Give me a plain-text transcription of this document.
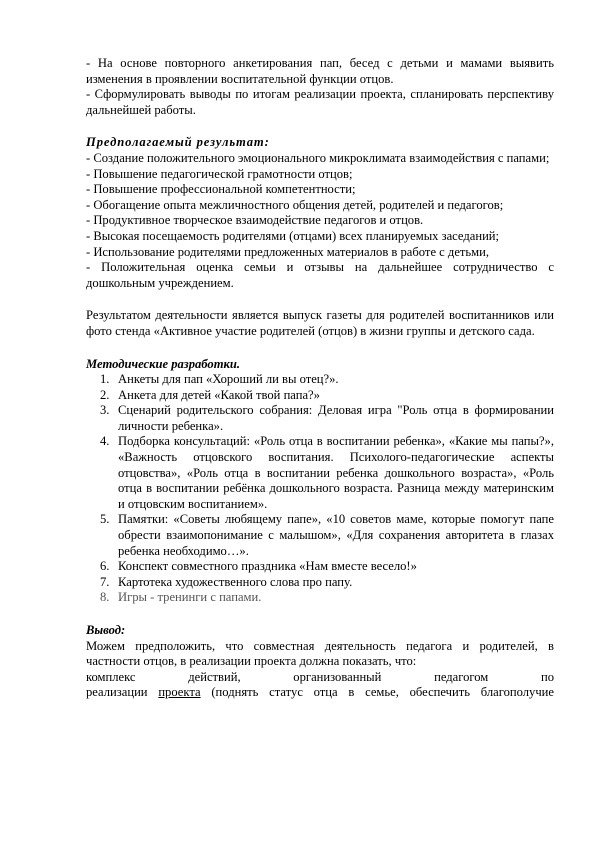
- На основе повторного анкетирования пап, бесед с детьми и мамами выявить изменения в проявлении воспитательной функции отцов.

- Сформулировать выводы по итогам реализации проекта, спланировать перспективу дальнейшей работы.

Предполагаемый результат:

- Создание положительного эмоционального микроклимата взаимодействия с папами;

- Повышение педагогической грамотности отцов;

- Повышение профессиональной компетентности;

- Обогащение опыта межличностного общения детей, родителей и педагогов;

- Продуктивное творческое взаимодействие педагогов и отцов.

- Высокая посещаемость родителями (отцами) всех планируемых заседаний;

- Использование родителями предложенных материалов в работе с детьми,

- Положительная оценка семьи и отзывы на дальнейшее сотрудничество с дошкольным учреждением.

Результатом деятельности является выпуск газеты для родителей воспитанников или фото стенда «Активное участие родителей (отцов) в жизни группы и детского сада.

Методические разработки.

1. Анкеты для пап «Хороший ли вы отец?».
2. Анкета для детей «Какой твой папа?»
3. Сценарий родительского собрания: Деловая игра "Роль отца в формировании личности ребенка».
4. Подборка консультаций: «Роль отца в воспитании ребенка», «Какие мы папы?», «Важность отцовского воспитания. Психолого-педагогические аспекты отцовства», «Роль отца в воспитании ребенка дошкольного возраста», «Роль отца в воспитании ребёнка дошкольного возраста. Разница между материнским и отцовским воспитанием».
5. Памятки: «Советы любящему папе», «10 советов маме, которые помогут папе обрести взаимопонимание с малышом», «Для сохранения авторитета в глазах ребенка необходимо…».
6. Конспект совместного праздника «Нам вместе весело!»
7. Картотека художественного слова про папу.
8. Игры - тренинги с папами.

Вывод:

Можем предположить, что совместная деятельность педагога и родителей, в частности отцов, в реализации проекта должна показать, что:

комплекс действий, организованный педагогом по

реализации проекта (поднять статус отца в семье, обеспечить благополучие
